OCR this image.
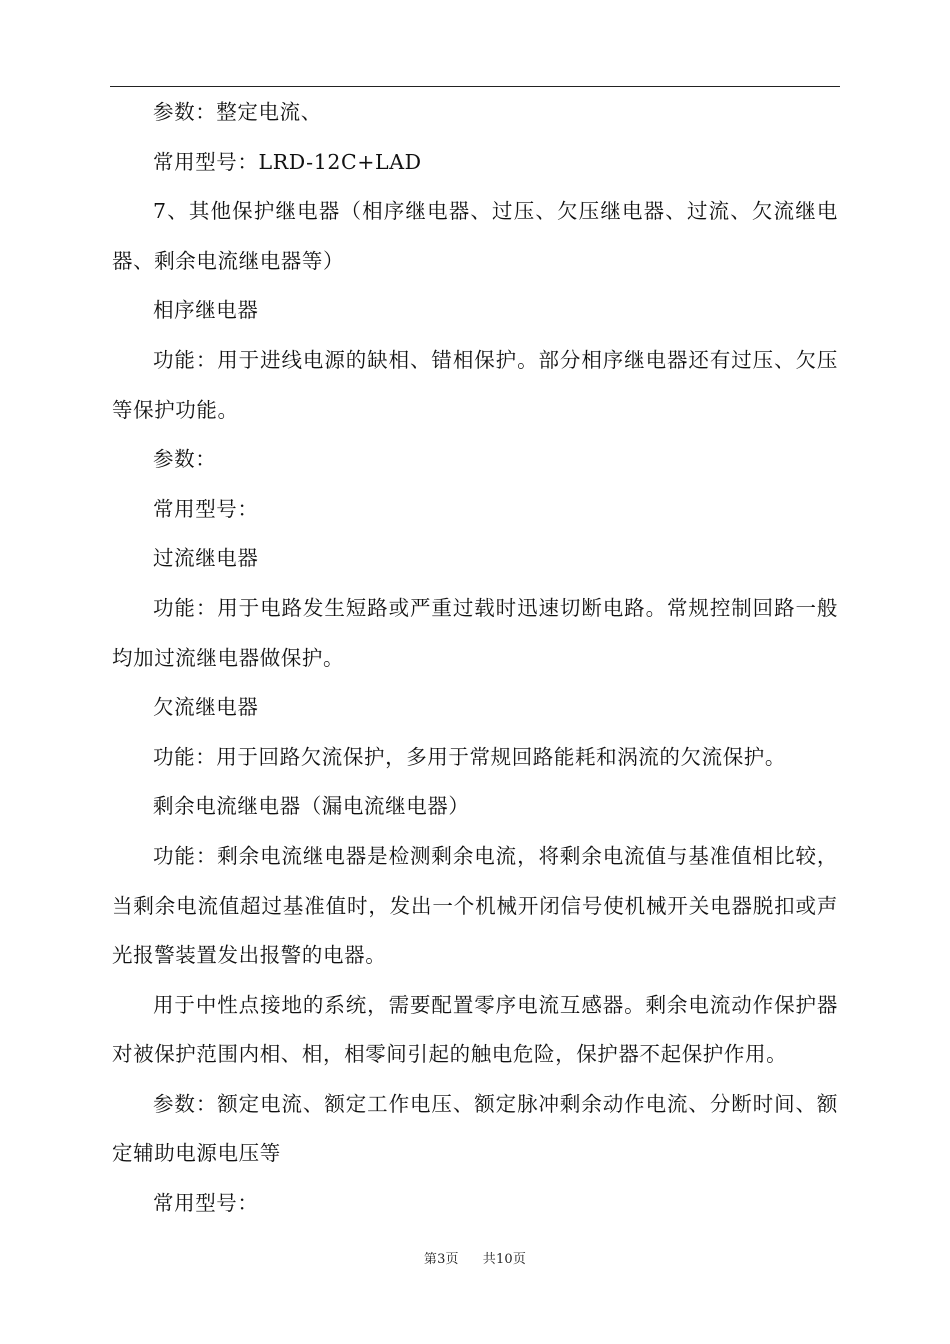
参数：整定电流、

常用型号：LRD-12C+LAD

7、其他保护继电器（相序继电器、过压、欠压继电器、过流、欠流继电器、剩余电流继电器等）

相序继电器

功能：用于进线电源的缺相、错相保护。部分相序继电器还有过压、欠压等保护功能。

参数：

常用型号：

过流继电器

功能：用于电路发生短路或严重过载时迅速切断电路。常规控制回路一般均加过流继电器做保护。

欠流继电器

功能：用于回路欠流保护，多用于常规回路能耗和涡流的欠流保护。

剩余电流继电器（漏电流继电器）

功能：剩余电流继电器是检测剩余电流，将剩余电流值与基准值相比较，当剩余电流值超过基准值时，发出一个机械开闭信号使机械开关电器脱扣或声光报警装置发出报警的电器。

用于中性点接地的系统，需要配置零序电流互感器。剩余电流动作保护器对被保护范围内相、相，相零间引起的触电危险，保护器不起保护作用。

参数：额定电流、额定工作电压、额定脉冲剩余动作电流、分断时间、额定辅助电源电压等

常用型号：

第3页 共10页
